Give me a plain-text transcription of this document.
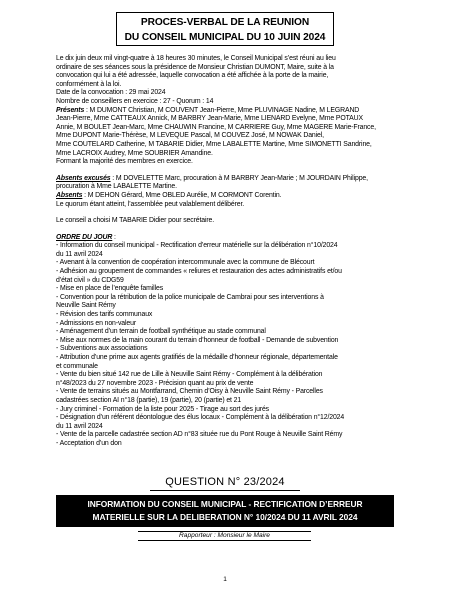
PROCES-VERBAL DE LA REUNION
DU CONSEIL MUNICIPAL DU 10 JUIN 2024

Le dix juin deux mil vingt-quatre à 18 heures 30 minutes, le Conseil Municipal s’est réuni au lieu

ordinaire de ses séances sous la présidence de Monsieur Christian DUMONT, Maire, suite à la

convocation qui lui a été adressée, laquelle convocation a été affichée à la porte de la mairie,

conformément à la loi.

Date de la convocation : 29 mai 2024

Nombre de conseillers en exercice : 27 - Quorum : 14

Présents : M DUMONT Christian, M COUVENT Jean-Pierre, Mme PLUVINAGE Nadine, M LEGRAND

Jean-Pierre, Mme CATTEAUX Annick, M BARBRY Jean-Marie, Mme LIENARD Evelyne, Mme POTAUX

Annie, M BOULET Jean-Marc, Mme CHAUWIN Francine, M CARRIERE Guy, Mme MAGERE Marie-France,

Mme DUPONT Marie-Thérèse, M LEVEQUE Pascal, M COUVEZ José, M NOWAK Daniel,

Mme COUTELARD Catherine, M TABARIE Didier, Mme LABALETTE Martine, Mme SIMONETTI Sandrine,

Mme LACROIX Audrey, Mme SOUBRIER Amandine.

Formant la majorité des membres en exercice.

Absents excusés : M DOVELETTE Marc, procuration à M BARBRY Jean-Marie ; M JOURDAIN Philippe,

procuration à Mme LABALETTE Martine.

Absents : M DEHON Gérard, Mme OBLED Aurélie, M CORMONT Corentin.

Le quorum étant atteint, l’assemblée peut valablement délibérer.

Le conseil a choisi M TABARIE Didier pour secrétaire.

ORDRE DU JOUR :

- Information du conseil municipal - Rectification d’erreur matérielle sur la délibération n°10/2024

du 11 avril 2024

- Avenant à la convention de coopération intercommunale avec la commune de Blécourt

- Adhésion au groupement de commandes « reliures et restauration des actes administratifs et/ou

d’état civil » du CDG59

- Mise en place de l’enquête familles

- Convention pour la rétribution de la police municipale de Cambrai pour ses interventions à

Neuville Saint Rémy

- Révision des tarifs communaux

- Admissions en non-valeur

- Aménagement d’un terrain de football synthétique au stade communal

- Mise aux normes de la main courant du terrain d’honneur de football - Demande de subvention

- Subventions aux associations

- Attribution d’une prime aux agents gratifiés de la médaille d’honneur régionale, départementale

et communale

- Vente du bien situé 142 rue de Lille à Neuville Saint Rémy - Complément à la délibération

n°48/2023 du 27 novembre 2023 - Précision quant au prix de vente

- Vente de terrains situés au Montfarrand, Chemin d’Oisy à Neuville Saint Rémy - Parcelles

cadastrées section AI n°18 (partie), 19 (partie), 20 (partie) et 21

- Jury criminel - Formation de la liste pour 2025 - Tirage au sort des jurés

- Désignation d’un référent déontologue des élus locaux - Complément à la délibération n°12/2024

du 11 avril 2024

- Vente de la parcelle cadastrée section AD n°83 située rue du Pont Rouge à Neuville Saint Rémy

- Acceptation d’un don

QUESTION N° 23/2024
INFORMATION DU CONSEIL MUNICIPAL - RECTIFICATION D’ERREUR
MATERIELLE SUR LA DELIBERATION N° 10/2024 DU 11 AVRIL 2024
Rapporteur : Monsieur le Maire
1
